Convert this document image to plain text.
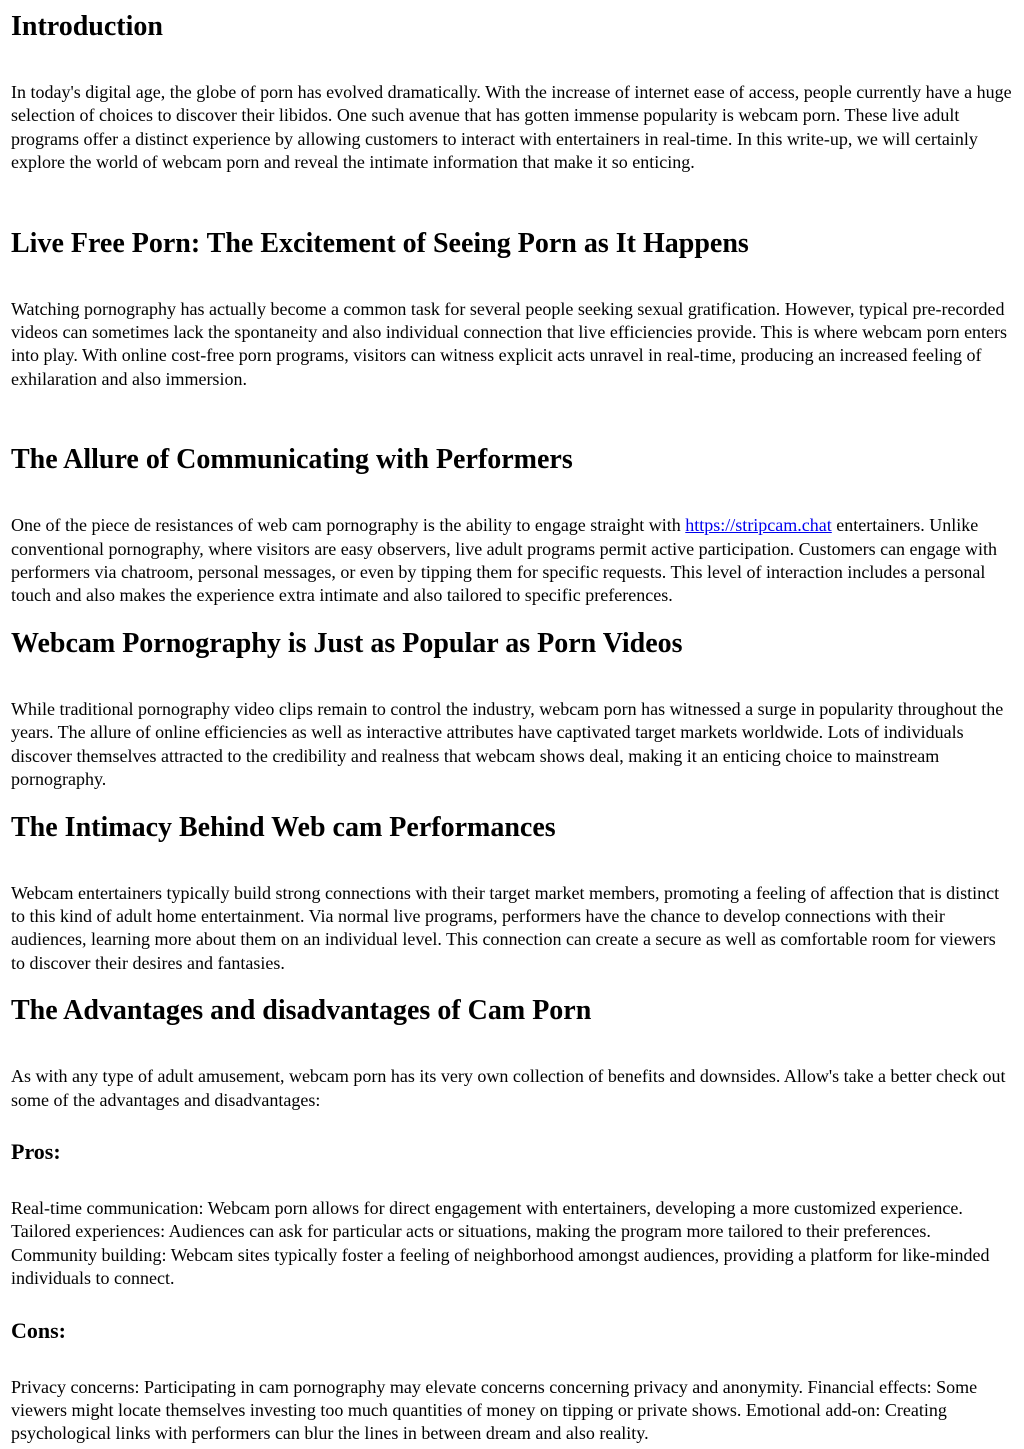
Introduction

In today's digital age, the globe of porn has evolved dramatically. With the increase of internet ease of access, people currently have a huge selection of choices to discover their libidos. One such avenue that has gotten immense popularity is webcam porn. These live adult programs offer a distinct experience by allowing customers to interact with entertainers in real-time. In this write-up, we will certainly explore the world of webcam porn and reveal the intimate information that make it so enticing.

Live Free Porn: The Excitement of Seeing Porn as It Happens

Watching pornography has actually become a common task for several people seeking sexual gratification. However, typical pre-recorded videos can sometimes lack the spontaneity and also individual connection that live efficiencies provide. This is where webcam porn enters into play. With online cost-free porn programs, visitors can witness explicit acts unravel in real-time, producing an increased feeling of exhilaration and also immersion.

The Allure of Communicating with Performers

One of the piece de resistances of web cam pornography is the ability to engage straight with https://stripcam.chat entertainers. Unlike conventional pornography, where visitors are easy observers, live adult programs permit active participation. Customers can engage with performers via chatroom, personal messages, or even by tipping them for specific requests. This level of interaction includes a personal touch and also makes the experience extra intimate and also tailored to specific preferences.

Webcam Pornography is Just as Popular as Porn Videos

While traditional pornography video clips remain to control the industry, webcam porn has witnessed a surge in popularity throughout the years. The allure of online efficiencies as well as interactive attributes have captivated target markets worldwide. Lots of individuals discover themselves attracted to the credibility and realness that webcam shows deal, making it an enticing choice to mainstream pornography.

The Intimacy Behind Web cam Performances

Webcam entertainers typically build strong connections with their target market members, promoting a feeling of affection that is distinct to this kind of adult home entertainment. Via normal live programs, performers have the chance to develop connections with their audiences, learning more about them on an individual level. This connection can create a secure as well as comfortable room for viewers to discover their desires and fantasies.

The Advantages and disadvantages of Cam Porn

As with any type of adult amusement, webcam porn has its very own collection of benefits and downsides. Allow's take a better check out some of the advantages and disadvantages:

Pros:

Real-time communication: Webcam porn allows for direct engagement with entertainers, developing a more customized experience. Tailored experiences: Audiences can ask for particular acts or situations, making the program more tailored to their preferences. Community building: Webcam sites typically foster a feeling of neighborhood amongst audiences, providing a platform for like-minded individuals to connect.

Cons:

Privacy concerns: Participating in cam pornography may elevate concerns concerning privacy and anonymity. Financial effects: Some viewers might locate themselves investing too much quantities of money on tipping or private shows. Emotional add-on: Creating psychological links with performers can blur the lines in between dream and also reality.
